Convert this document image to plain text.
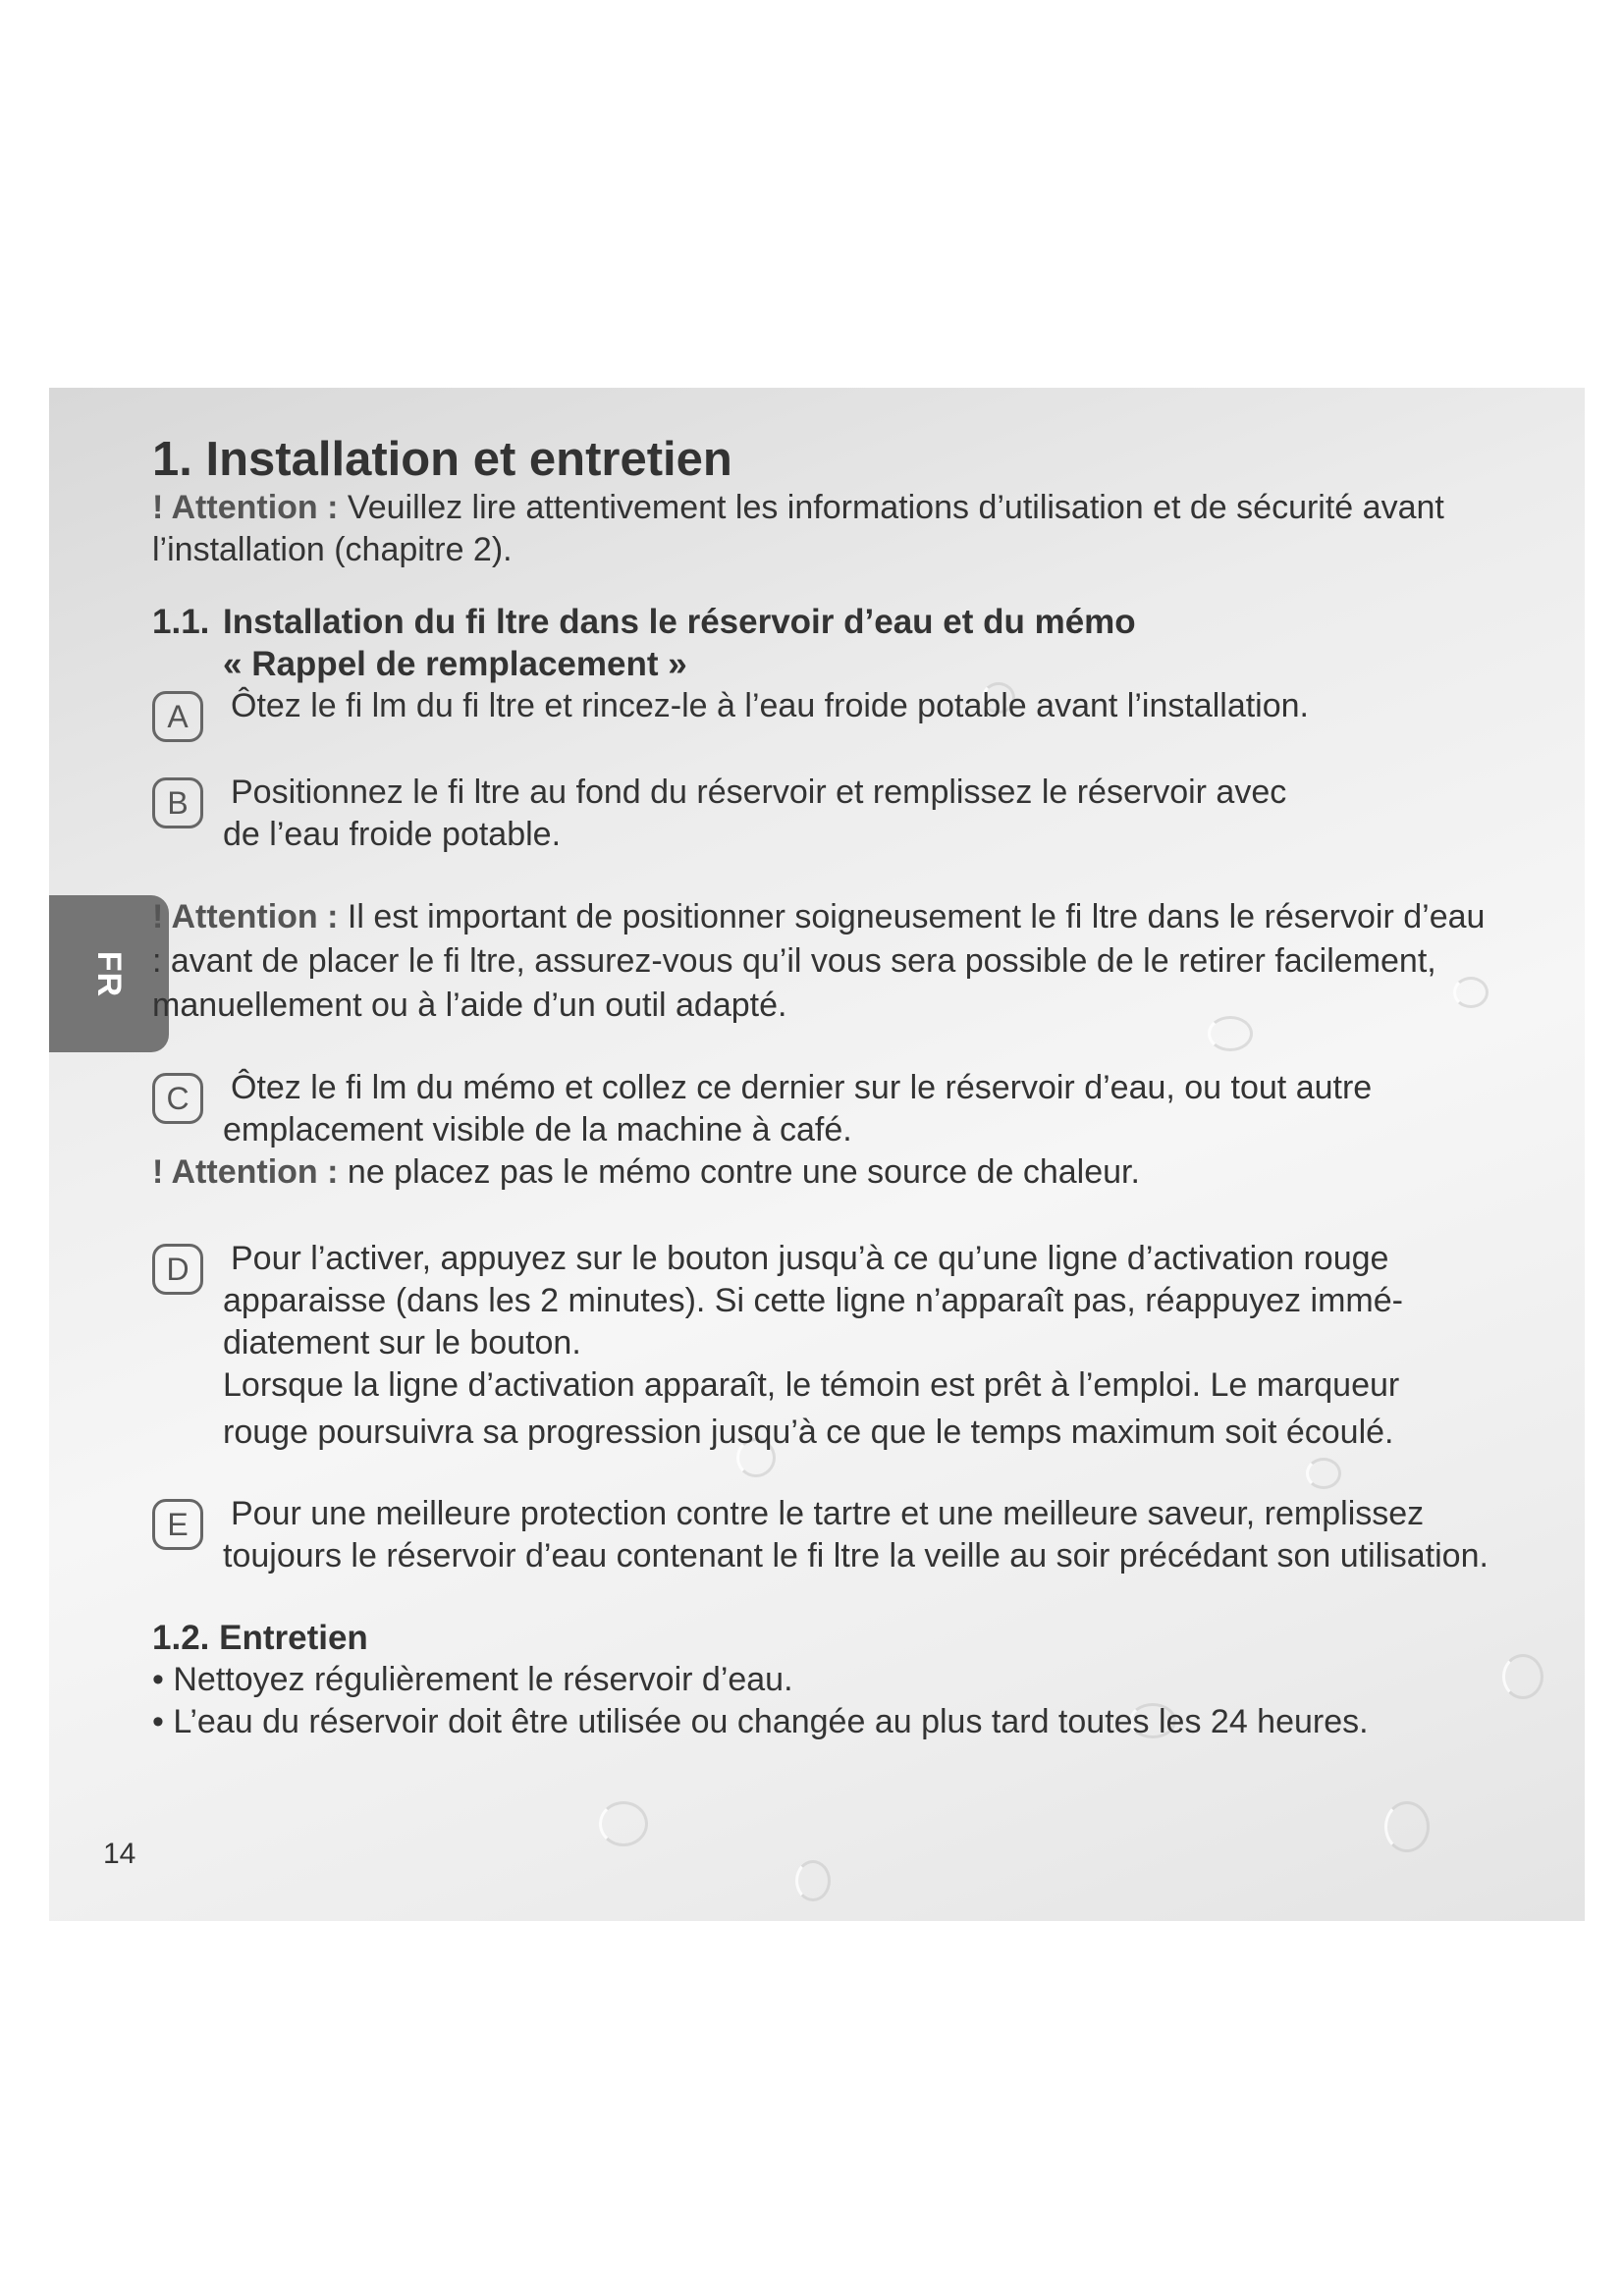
FR
1. Installation et entretien

! Attention : Veuillez lire attentivement les informations d’utilisation et de sécurité avant l’installation (chapitre 2).

1.1. Installation du fi ltre dans le réservoir d’eau et du mémo
« Rappel de remplacement »
A	Ôtez le fi lm du fi ltre et rincez-le à l’eau froide potable avant l’installation.
B	Positionnez le fi ltre au fond du réservoir et remplissez le réservoir avec
de l’eau froide potable.

! Attention : Il est important de positionner soigneusement le fi ltre dans le réservoir d’eau : avant de placer le fi ltre, assurez-vous qu’il vous sera possible de le retirer facilement, manuellement ou à l’aide d’un outil adapté.

C	Ôtez le fi lm du mémo et collez ce dernier sur le réservoir d’eau, ou tout autre
emplacement visible de la machine à café.

! Attention : ne placez pas le mémo contre une source de chaleur.

D	Pour l’activer, appuyez sur le bouton jusqu’à ce qu’une ligne d’activation rouge
apparaisse (dans les 2 minutes). Si cette ligne n’apparaît pas, réappuyez immé-
diatement sur le bouton.
Lorsque la ligne d’activation apparaît, le témoin est prêt à l’emploi. Le marqueur
rouge poursuivra sa progression jusqu’à ce que le temps maximum soit écoulé.
E	Pour une meilleure protection contre le tartre et une meilleure saveur, remplissez
toujours le réservoir d’eau contenant le fi ltre la veille au soir précédant son utilisation.
1.2. Entretien
• Nettoyez régulièrement le réservoir d’eau.
• L’eau du réservoir doit être utilisée ou changée au plus tard toutes les 24 heures.
14
